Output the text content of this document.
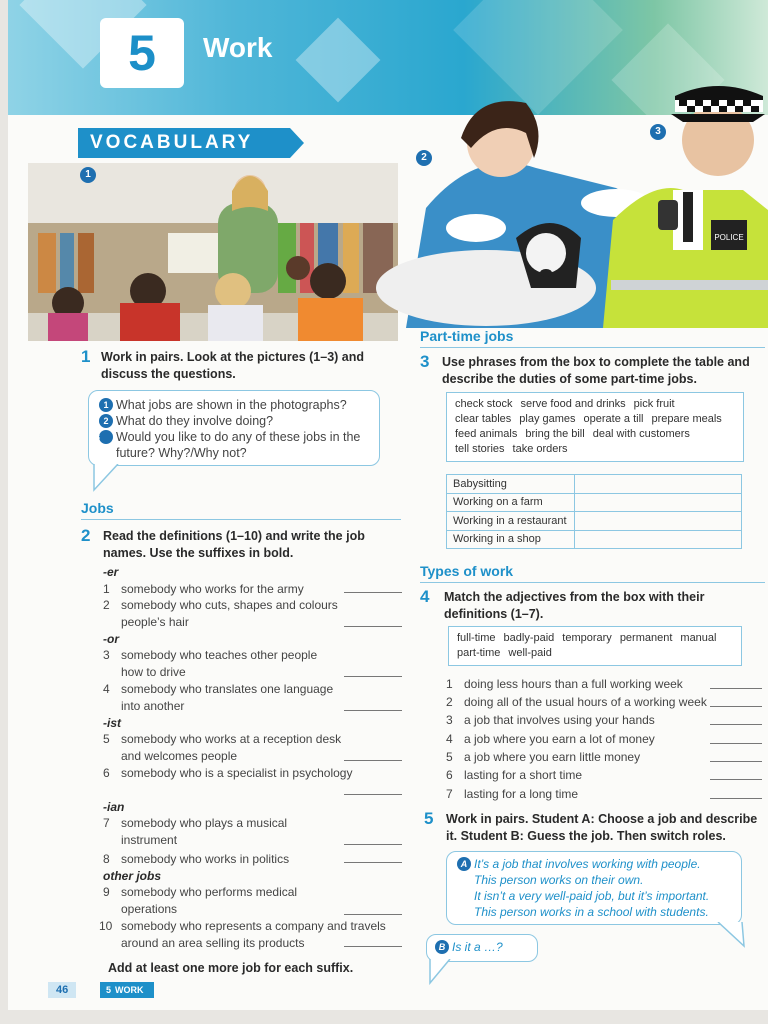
5	Work
VOCABULARY
1
2
POLICE
3
1 Work in pairs. Look at the pictures (1–3) and discuss the questions.
1 What jobs are shown in the photographs?
2 What do they involve doing?
3 Would you like to do any of these jobs in the future? Why?/Why not?
Jobs
2 Read the definitions (1–10) and write the job names. Use the suffixes in bold.
-er
1 somebody who works for the army
2 somebody who cuts, shapes and colours
people’s hair
-or
3 somebody who teaches other people
how to drive
4 somebody who translates one language
into another
-ist
5 somebody who works at a reception desk
and welcomes people
6 somebody who is a specialist in psychology
-ian
7 somebody who plays a musical
instrument
8 somebody who works in politics
other jobs
9 somebody who performs medical
operations
10 somebody who represents a company and travels
around an area selling its products
Add at least one more job for each suffix.
Part-time jobs
3 Use phrases from the box to complete the table and describe the duties of some part-time jobs.
check stock serve food and drinks pick fruit
clear tables play games operate a till prepare meals
feed animals bring the bill deal with customers
tell stories take orders
Babysitting	
Working on a farm	
Working in a restaurant	
Working in a shop	
Types of work
4 Match the adjectives from the box with their definitions (1–7).
full-time badly-paid temporary permanent manual
part-time well-paid
1 doing less hours than a full working week
2 doing all of the usual hours of a working week
3 a job that involves using your hands
4 a job where you earn a lot of money
5 a job where you earn little money
6 lasting for a short time
7 lasting for a long time
5 Work in pairs. Student A: Choose a job and describe it. Student B: Guess the job. Then switch roles.
A It’s a job that involves working with people.
This person works on their own.
It isn’t a very well-paid job, but it’s important.
This person works in a school with students.
B Is it a …?
46	5 WORK
